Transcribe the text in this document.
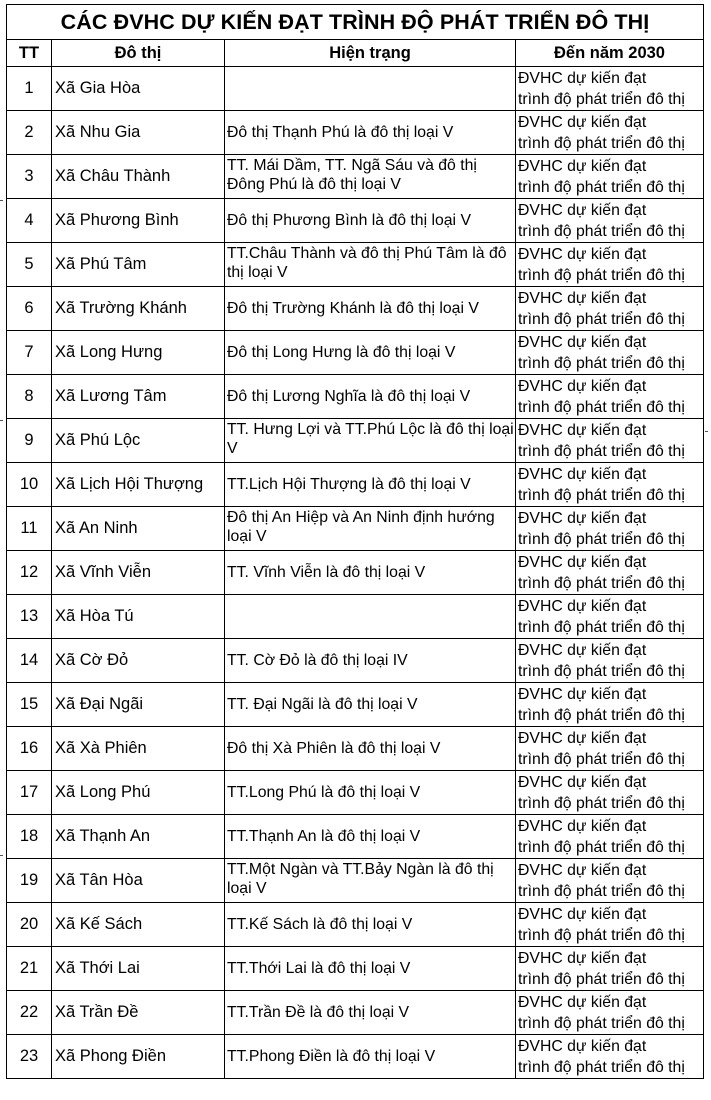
CÁC ĐVHC DỰ KIẾN ĐẠT TRÌNH ĐỘ PHÁT TRIỂN ĐÔ THỊ			
TT	Đô thị	Hiện trạng	Đến năm 2030
1	Xã Gia Hòa		ĐVHC dự kiến đạt
trình độ phát triển đô thị

2	Xã Nhu Gia	Đô thị Thạnh Phú là đô thị loại V	ĐVHC dự kiến đạt
trình độ phát triển đô thị

3	Xã Châu Thành	TT. Mái Dầm, TT. Ngã Sáu và đô thị Đông Phú là đô thị loại V	ĐVHC dự kiến đạt
trình độ phát triển đô thị

4	Xã Phương Bình	Đô thị Phương Bình là đô thị loại V	ĐVHC dự kiến đạt
trình độ phát triển đô thị

5	Xã Phú Tâm	TT.Châu Thành và đô thị Phú Tâm là đô thị loại V	ĐVHC dự kiến đạt
trình độ phát triển đô thị

6	Xã Trường Khánh	Đô thị Trường Khánh là đô thị loại V	ĐVHC dự kiến đạt
trình độ phát triển đô thị

7	Xã Long Hưng	Đô thị Long Hưng là đô thị loại V	ĐVHC dự kiến đạt
trình độ phát triển đô thị

8	Xã Lương Tâm	Đô thị Lương Nghĩa là đô thị loại V	ĐVHC dự kiến đạt
trình độ phát triển đô thị

9	Xã Phú Lộc	TT. Hưng Lợi và TT.Phú Lộc là đô thị loại V	ĐVHC dự kiến đạt
trình độ phát triển đô thị

10	Xã Lịch Hội Thượng	TT.Lịch Hội Thượng là đô thị loại V	ĐVHC dự kiến đạt
trình độ phát triển đô thị

11	Xã An Ninh	Đô thị An Hiệp và An Ninh định hướng
loại V	ĐVHC dự kiến đạt
trình độ phát triển đô thị

12	Xã Vĩnh Viễn	TT. Vĩnh Viễn là đô thị loại V	ĐVHC dự kiến đạt
trình độ phát triển đô thị

13	Xã Hòa Tú		ĐVHC dự kiến đạt
trình độ phát triển đô thị

14	Xã Cờ Đỏ	TT. Cờ Đỏ là đô thị loại IV	ĐVHC dự kiến đạt
trình độ phát triển đô thị

15	Xã Đại Ngãi	TT. Đại Ngãi là đô thị loại V	ĐVHC dự kiến đạt
trình độ phát triển đô thị

16	Xã Xà Phiên	Đô thị Xà Phiên là đô thị loại V	ĐVHC dự kiến đạt
trình độ phát triển đô thị

17	Xã Long Phú	TT.Long Phú là đô thị loại V	ĐVHC dự kiến đạt
trình độ phát triển đô thị

18	Xã Thạnh An	TT.Thạnh An là đô thị loại V	ĐVHC dự kiến đạt
trình độ phát triển đô thị

19	Xã Tân Hòa	TT.Một Ngàn và TT.Bảy Ngàn là đô thị loại V	ĐVHC dự kiến đạt
trình độ phát triển đô thị

20	Xã Kế Sách	TT.Kế Sách là đô thị loại V	ĐVHC dự kiến đạt
trình độ phát triển đô thị

21	Xã Thới Lai	TT.Thới Lai là đô thị loại V	ĐVHC dự kiến đạt
trình độ phát triển đô thị

22	Xã Trần Đề	TT.Trần Đề là đô thị loại V	ĐVHC dự kiến đạt
trình độ phát triển đô thị

23	Xã Phong Điền	TT.Phong Điền là đô thị loại V	ĐVHC dự kiến đạt
trình độ phát triển đô thị
